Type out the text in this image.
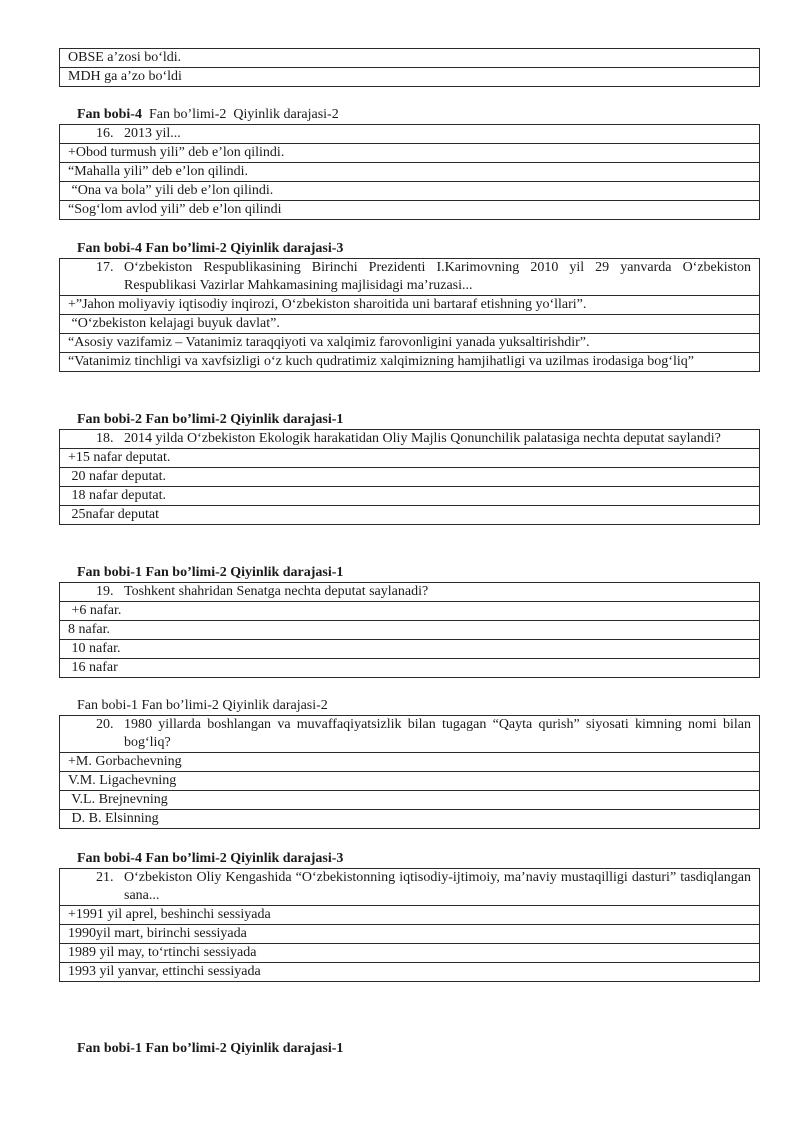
OBSE a’zosi bo‘ldi.
MDH ga a’zo bo‘ldi
Fan bobi-4  Fan bo’limi-2  Qiyinlik darajasi-2
16. 2013 yil...

+Obod turmush yili” deb e’lon qilindi.
“Mahalla yili” deb e’lon qilindi.
“Ona va bola” yili deb e’lon qilindi.
“Sog‘lom avlod yili” deb e’lon qilindi
Fan bobi-4 Fan bo’limi-2 Qiyinlik darajasi-3
17. O‘zbekiston Respublikasining Birinchi Prezidenti I.Karimovning 2010 yil 29 yanvarda O‘zbekiston Respublikasi Vazirlar Mahkamasining majlisidagi ma’ruzasi...

+”Jahon moliyaviy iqtisodiy inqirozi, O‘zbekiston sharoitida uni bartaraf etishning yo‘llari”.
“O‘zbekiston kelajagi buyuk davlat”.
“Asosiy vazifamiz – Vatanimiz taraqqiyoti va xalqimiz farovonligini yanada yuksaltirishdir”.
“Vatanimiz tinchligi va xavfsizligi o‘z kuch qudratimiz xalqimizning hamjihatligi va uzilmas irodasiga bog‘liq”
Fan bobi-2 Fan bo’limi-2 Qiyinlik darajasi-1
18. 2014 yilda O‘zbekiston Ekologik harakatidan Oliy Majlis Qonunchilik palatasiga nechta deputat saylandi?

+15 nafar deputat.
20 nafar deputat.
18 nafar deputat.
25nafar deputat
Fan bobi-1 Fan bo’limi-2 Qiyinlik darajasi-1
19. Toshkent shahridan Senatga nechta deputat saylanadi?

+6 nafar.
8 nafar.
10 nafar.
16 nafar
Fan bobi-1 Fan bo’limi-2 Qiyinlik darajasi-2
20. 1980 yillarda boshlangan va muvaffaqiyatsizlik bilan tugagan “Qayta qurish” siyosati kimning nomi bilan bog‘liq?

+M. Gorbachevning
V.M. Ligachevning
V.L. Brejnevning
D. B. Elsinning
Fan bobi-4 Fan bo’limi-2 Qiyinlik darajasi-3
21. O‘zbekiston Oliy Kengashida “O‘zbekistonning iqtisodiy-ijtimoiy, ma’naviy mustaqilligi dasturi” tasdiqlangan sana...

+1991 yil aprel, beshinchi sessiyada
1990yil mart, birinchi sessiyada
1989 yil may, to‘rtinchi sessiyada
1993 yil yanvar, ettinchi sessiyada
Fan bobi-1 Fan bo’limi-2 Qiyinlik darajasi-1
